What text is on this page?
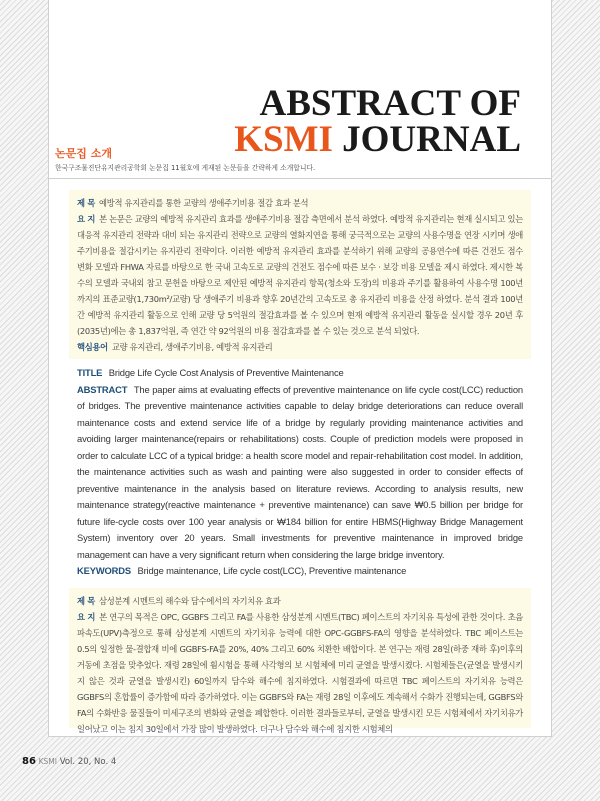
ABSTRACT OF
KSMI JOURNAL
논문집 소개
한국구조물진단유지관리공학회 논문집 11월호에 게재된 논문들을 간략하게 소개합니다.
제 목 예방적 유지관리를 통한 교량의 생애주기비용 절감 효과 분석
요 지 본 논문은 교량의 예방적 유지관리 효과를 생애주기비용 절감 측면에서 분석 하였다. 예방적 유지관리는 현재 실시되고 있는 대응적 유지관리 전략과 대비 되는 유지관리 전략으로 교량의 열화지연을 통해 궁극적으로는 교량의 사용수명을 연장 시키며 생애주기비용을 절감시키는 유지관리 전략이다. 이러한 예방적 유지관리 효과를 분석하기 위해 교량의 공용연수에 따른 건전도 점수 변화 모델과 FHWA 자료를 바탕으로 한 국내 고속도로 교량의 건전도 점수에 따른 보수 · 보강 비용 모델을 제시 하였다. 제시한 복수의 모델과 국내외 참고 문헌을 바탕으로 제안된 예방적 유지관리 항목(청소와 도장)의 비용과 주기를 활용하여 사용수명 100년까지의 표준교량(1,730m²/교량) 당 생애주기 비용과 향후 20년간의 고속도로 총 유지관리 비용을 산정 하였다. 분석 결과 100년간 예방적 유지관리 활동으로 인해 교량 당 5억원의 절감효과를 볼 수 있으며 현재 예방적 유지관리 활동을 실시할 경우 20년 후(2035년)에는 총 1,837억원, 즉 연간 약 92억원의 비용 절감효과를 볼 수 있는 것으로 분석 되었다.
핵심용어 교량 유지관리, 생애주기비용, 예방적 유지관리
TITLE Bridge Life Cycle Cost Analysis of Preventive Maintenance
ABSTRACT The paper aims at evaluating effects of preventive maintenance on life cycle cost(LCC) reduction of bridges. The preventive maintenance activities capable to delay bridge deteriorations can reduce overall maintenance costs and extend service life of a bridge by regularly providing maintenance activities and avoiding larger maintenance(repairs or rehabilitations) costs. Couple of prediction models were proposed in order to calculate LCC of a typical bridge: a health score model and repair-rehabilitation cost model. In addition, the maintenance activities such as wash and painting were also suggested in order to consider effects of preventive maintenance in the analysis based on literature reviews. According to analysis results, new maintenance strategy(reactive maintenance + preventive maintenance) can save ₩0.5 billion per bridge for future life-cycle costs over 100 year analysis or ₩184 billion for entire HBMS(Highway Bridge Management System) inventory over 20 years. Small investments for preventive maintenance in improved bridge management can have a very significant return when considering the large bridge inventory.
KEYWORDS Bridge maintenance, Life cycle cost(LCC), Preventive maintenance
제 목 삼성분계 시멘트의 해수와 담수에서의 자기치유 효과
요 지 본 연구의 목적은 OPC, GGBFS 그리고 FA를 사용한 삼성분계 시멘트(TBC) 페이스트의 자기치유 특성에 관한 것이다. 초음파속도(UPV)측정으로 통해 삼성분계 시멘트의 자기치유 능력에 대한 OPC-GGBFS-FA의 영향을 분석하였다. TBC 페이스트는 0.5의 일정한 물-결합재 비에 GGBFS-FA를 20%, 40% 그리고 60% 치환한 배합이다. 본 연구는 재령 28일(하중 재하 후)이후의 거동에 초점을 맞추었다. 재령 28일에 휨시험을 통해 사각형의 보 시험체에 미리 균열을 발생시켰다. 시험체들은(균열을 발생시키지 않은 것과 균열을 발생시킨) 60일까지 담수와 해수에 침지하였다. 시험결과에 따르면 TBC 페이스트의 자기치유 능력은 GGBFS의 혼합률이 증가함에 따라 증가하였다. 이는 GGBFS와 FA는 재령 28일 이후에도 계속해서 수화가 진행되는데, GGBFS와 FA의 수화반응 물질들이 미세구조의 변화와 균열을 폐합한다. 이러한 결과들로부터, 균열을 발생시킨 모든 시험체에서 자기치유가 일어났고 이는 침지 30일에서 가장 많이 발생하였다. 더구나 담수와 해수에 침지한 시험체의
86 KSMI Vol. 20, No. 4
